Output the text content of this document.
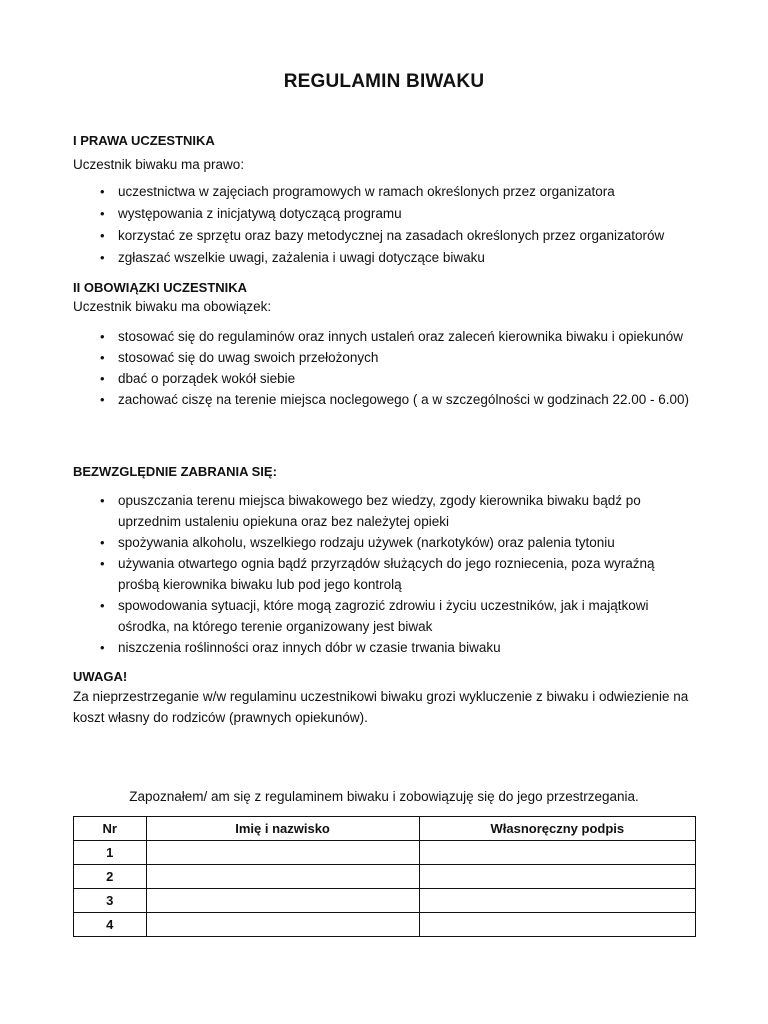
REGULAMIN BIWAKU

I PRAWA UCZESTNIKA

Uczestnik biwaku ma prawo:

• uczestnictwa w zajęciach programowych w ramach określonych przez organizatora
• występowania z inicjatywą dotyczącą programu
• korzystać ze sprzętu oraz bazy metodycznej na zasadach określonych przez organizatorów
• zgłaszać wszelkie uwagi, zażalenia i uwagi dotyczące biwaku

II OBOWIĄZKI UCZESTNIKA

Uczestnik biwaku ma obowiązek:

• stosować się do regulaminów oraz innych ustaleń oraz zaleceń kierownika biwaku i opiekunów
• stosować się do uwag swoich przełożonych
• dbać o porządek wokół siebie
• zachować ciszę na terenie miejsca noclegowego ( a w szczególności w godzinach 22.00 - 6.00)

BEZWZGLĘDNIE ZABRANIA SIĘ:

• opuszczania terenu miejsca biwakowego bez wiedzy, zgody kierownika biwaku bądź po uprzednim ustaleniu opiekuna oraz bez należytej opieki
• spożywania alkoholu, wszelkiego rodzaju używek (narkotyków) oraz palenia tytoniu
• używania otwartego ognia bądź przyrządów służących do jego rozniecenia, poza wyraźną prośbą kierownika biwaku lub pod jego kontrolą
• spowodowania sytuacji, które mogą zagrozić zdrowiu i życiu uczestników, jak i majątkowi ośrodka, na którego terenie organizowany jest biwak
• niszczenia roślinności oraz innych dóbr w czasie trwania biwaku

UWAGA!

Za nieprzestrzeganie w/w regulaminu uczestnikowi biwaku grozi wykluczenie z biwaku i odwiezienie na koszt własny do rodziców (prawnych opiekunów).

Zapoznałem/ am się z regulaminem biwaku i zobowiązuję się do jego przestrzegania.
Nr	Imię i nazwisko	Własnoręczny podpis
1		
2		
3		
4		
